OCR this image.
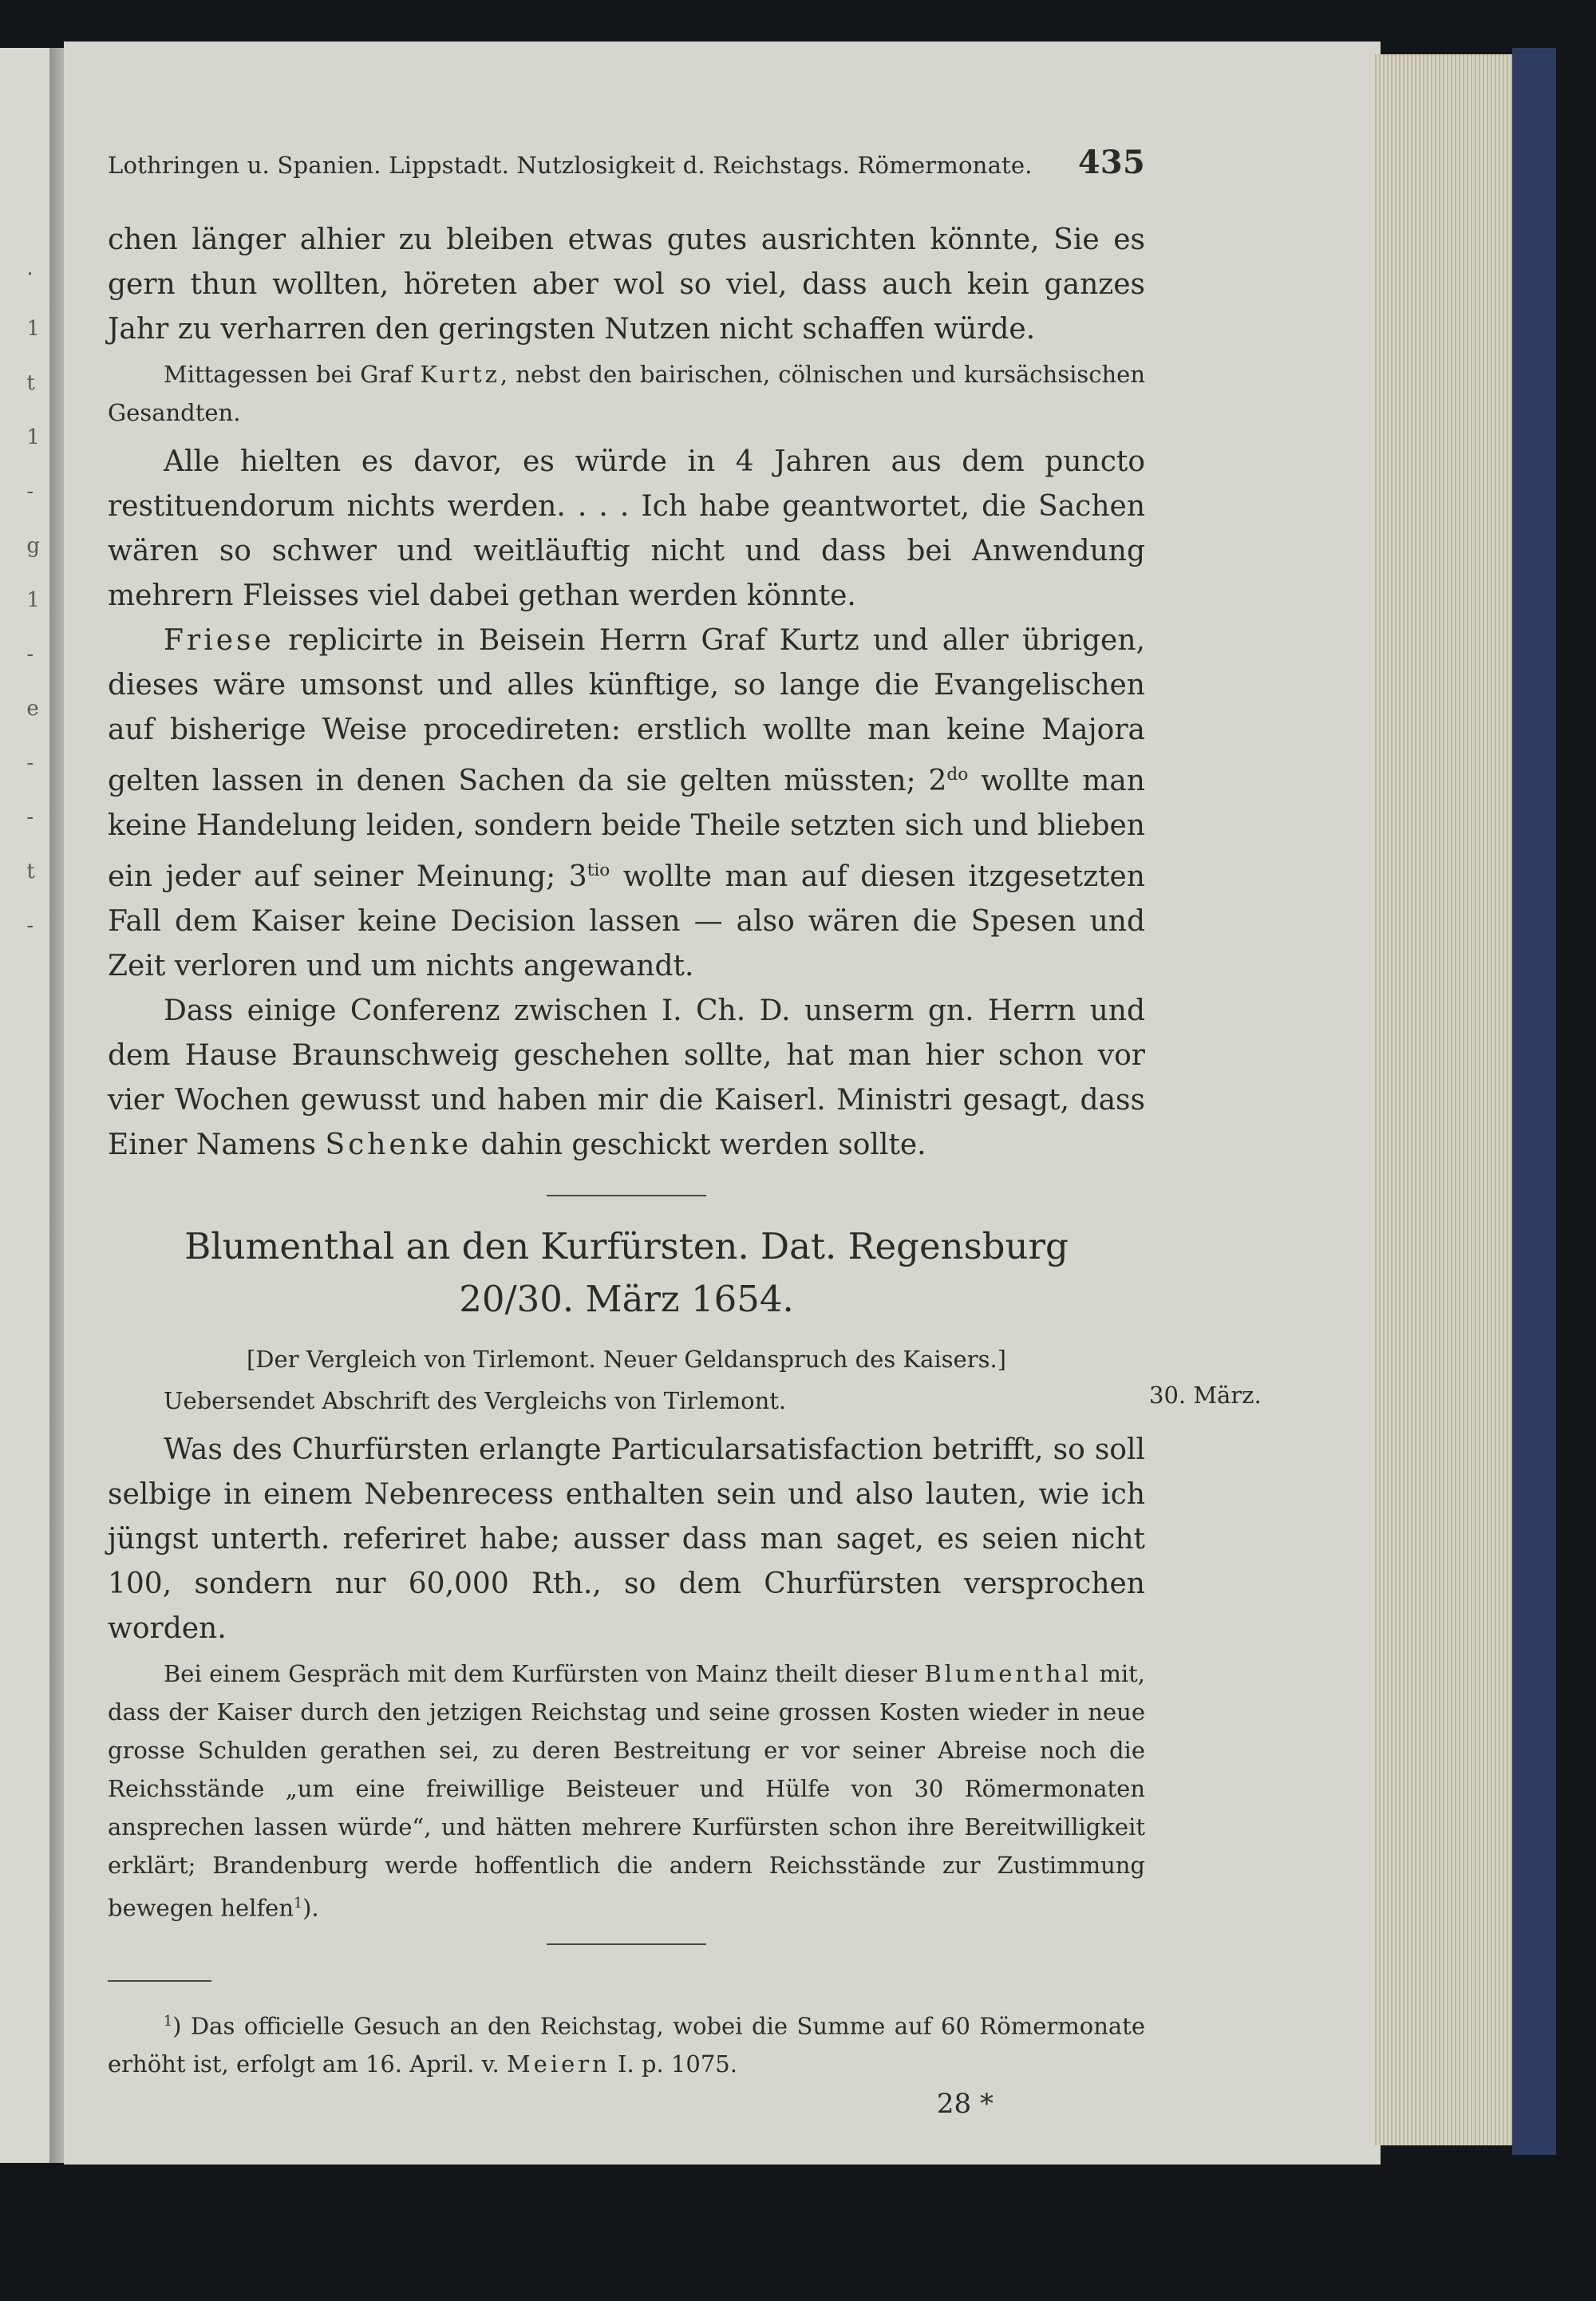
·
1
t
1
-
g
1
-
e
-
-
t
-
Lothringen u. Spanien. Lippstadt. Nutzlosigkeit d. Reichstags. Römermonate. 435

chen länger alhier zu bleiben etwas gutes ausrichten könnte, Sie es gern thun wollten, höreten aber wol so viel, dass auch kein ganzes Jahr zu verharren den geringsten Nutzen nicht schaffen würde.

Mittagessen bei Graf Kurtz, nebst den bairischen, cölnischen und kursächsischen Gesandten.

Alle hielten es davor, es würde in 4 Jahren aus dem puncto restituendorum nichts werden. . . . Ich habe geantwortet, die Sachen wären so schwer und weitläuftig nicht und dass bei Anwendung mehrern Fleisses viel dabei gethan werden könnte.

Friese replicirte in Beisein Herrn Graf Kurtz und aller übrigen, dieses wäre umsonst und alles künftige, so lange die Evangelischen auf bisherige Weise procedireten: erstlich wollte man keine Majora gelten lassen in denen Sachen da sie gelten müssten; $2^{do}$ wollte man keine Handelung leiden, sondern beide Theile setzten sich und blieben ein jeder auf seiner Meinung; $3^{tio}$ wollte man auf diesen itzgesetzten Fall dem Kaiser keine Decision lassen — also wären die Spesen und Zeit verloren und um nichts angewandt.

Dass einige Conferenz zwischen I. Ch. D. unserm gn. Herrn und dem Hause Braunschweig geschehen sollte, hat man hier schon vor vier Wochen gewusst und haben mir die Kaiserl. Ministri gesagt, dass Einer Namens Schenke dahin geschickt werden sollte.

Blumenthal an den Kurfürsten. Dat. Regensburg
20/30. März 1654.
[Der Vergleich von Tirlemont. Neuer Geldanspruch des Kaisers.]
30. März.

Uebersendet Abschrift des Vergleichs von Tirlemont.

Was des Churfürsten erlangte Particularsatisfaction betrifft, so soll selbige in einem Nebenrecess enthalten sein und also lauten, wie ich jüngst unterth. referiret habe; ausser dass man saget, es seien nicht 100, sondern nur 60,000 Rth., so dem Churfürsten versprochen worden.

Bei einem Gespräch mit dem Kurfürsten von Mainz theilt dieser Blumenthal mit, dass der Kaiser durch den jetzigen Reichstag und seine grossen Kosten wieder in neue grosse Schulden gerathen sei, zu deren Bestreitung er vor seiner Abreise noch die Reichsstände „um eine freiwillige Beisteuer und Hülfe von 30 Römermonaten ansprechen lassen würde“, und hätten mehrere Kurfürsten schon ihre Bereitwilligkeit erklärt; Brandenburg werde hoffentlich die andern Reichsstände zur Zustimmung bewegen helfen$^1$).

$^1$) Das officielle Gesuch an den Reichstag, wobei die Summe auf 60 Römermonate erhöht ist, erfolgt am 16. April. v. Meiern I. p. 1075.

28 *
